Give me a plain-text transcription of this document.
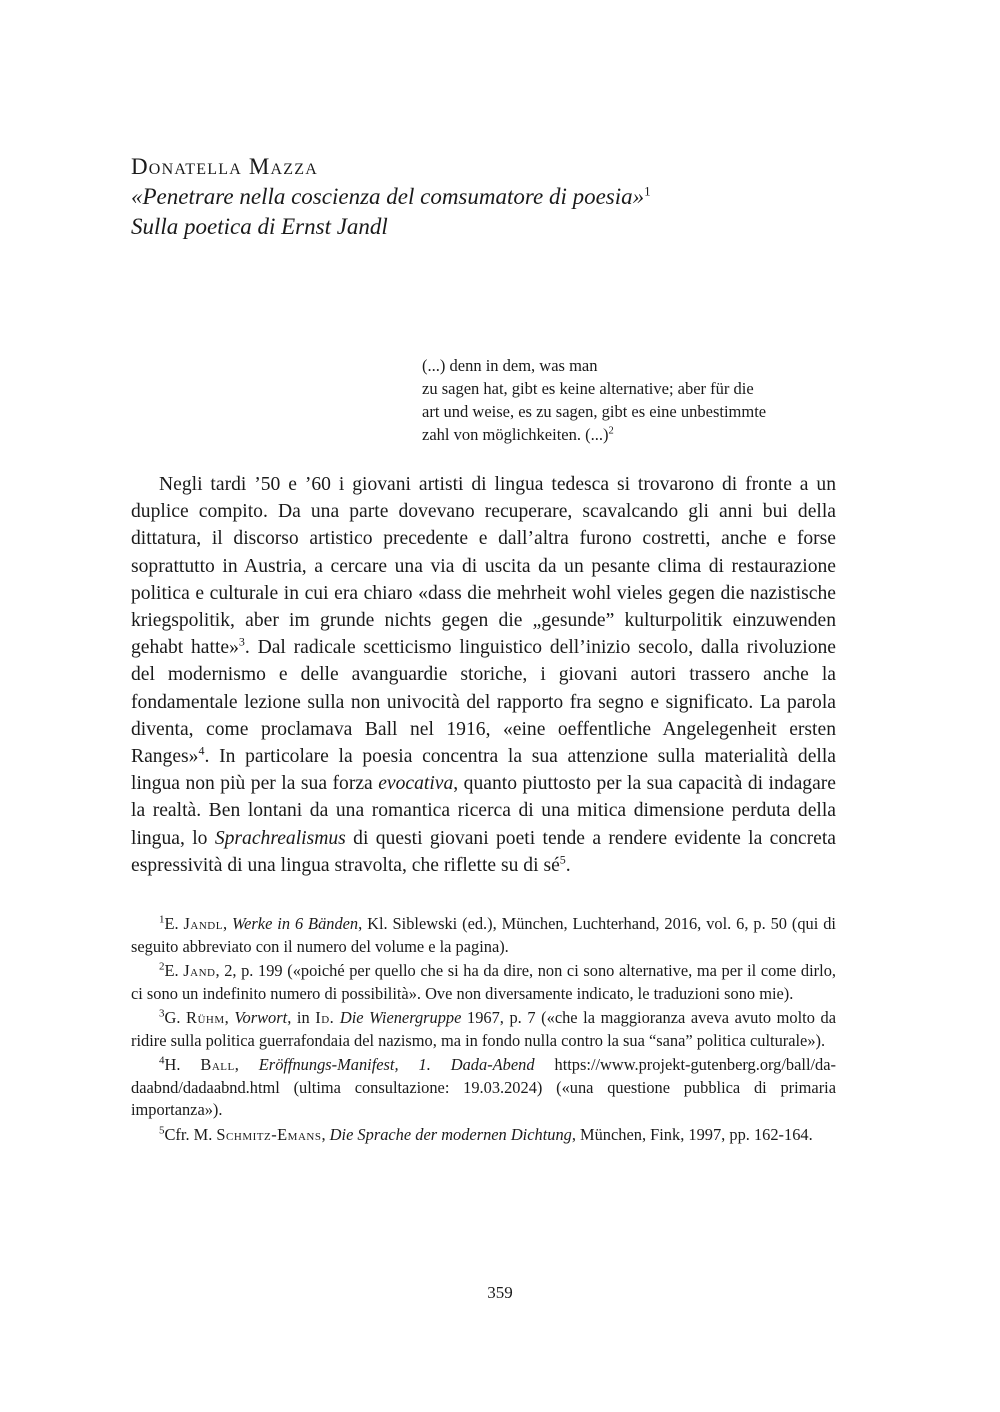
Donatella Mazza
«Penetrare nella coscienza del comsumatore di poesia»$^1$
Sulla poetica di Ernst Jandl

(...) denn in dem, was man

zu sagen hat, gibt es keine alternative; aber für die

art und weise, es zu sagen, gibt es eine unbestimmte

zahl von möglichkeiten. (...)$^2$

Negli tardi ’50 e ’60 i giovani artisti di lingua tedesca si trovarono di fronte a un duplice compito. Da una parte dovevano recuperare, scavalcando gli anni bui della dittatura, il discorso artistico precedente e dall’altra furono costretti, anche e forse soprattutto in Austria, a cercare una via di uscita da un pesante clima di restaurazione politica e culturale in cui era chiaro «dass die mehrheit wohl vieles gegen die nazistische kriegspolitik, aber im grunde nichts gegen die „gesunde” kulturpolitik einzuwenden gehabt hatte»$^3$. Dal radicale scetticismo linguistico dell’inizio secolo, dalla rivoluzione del modernismo e delle avanguardie storiche, i giovani autori trassero anche la fondamentale lezione sulla non univocità del rapporto fra segno e significato. La parola diventa, come proclamava Ball nel 1916, «eine oeffentliche Angelegenheit ersten Ranges»$^4$. In particolare la poesia concentra la sua attenzione sulla materialità della lingua non più per la sua forza evocativa, quanto piuttosto per la sua capacità di indagare la realtà. Ben lontani da una romantica ricerca di una mitica dimensione perduta della lingua, lo Sprachrealismus di questi giovani poeti tende a rendere evidente la concreta espressività di una lingua stravolta, che riflette su di $sé^5$.

$^1$E. Jandl, Werke in 6 Bänden, Kl. Siblewski (ed.), München, Luchterhand, 2016, vol. 6, p. 50 (qui di seguito abbreviato con il numero del volume e la pagina).

$^2$E. Jand, 2, p. 199 («poiché per quello che si ha da dire, non ci sono alternative, ma per il come dirlo, ci sono un indefinito numero di possibilità». Ove non diversamente indicato, le traduzioni sono mie).

$^3$G. Rühm, Vorwort, in Id. Die Wienergruppe 1967, p. 7 («che la maggioranza aveva avuto molto da ridire sulla politica guerrafondaia del nazismo, ma in fondo nulla contro la sua “sana” politica culturale»).

$^4$H. Ball, Eröffnungs-Manifest, 1. Dada-Abend https://www.projekt-gutenberg.org/ball/dadaabnd/dadaabnd.html (ultima consultazione: 19.03.2024) («una questione pubblica di primaria importanza»).

$^5$Cfr. M. Schmitz-Emans, Die Sprache der modernen Dichtung, München, Fink, 1997, pp. 162-164.

359
